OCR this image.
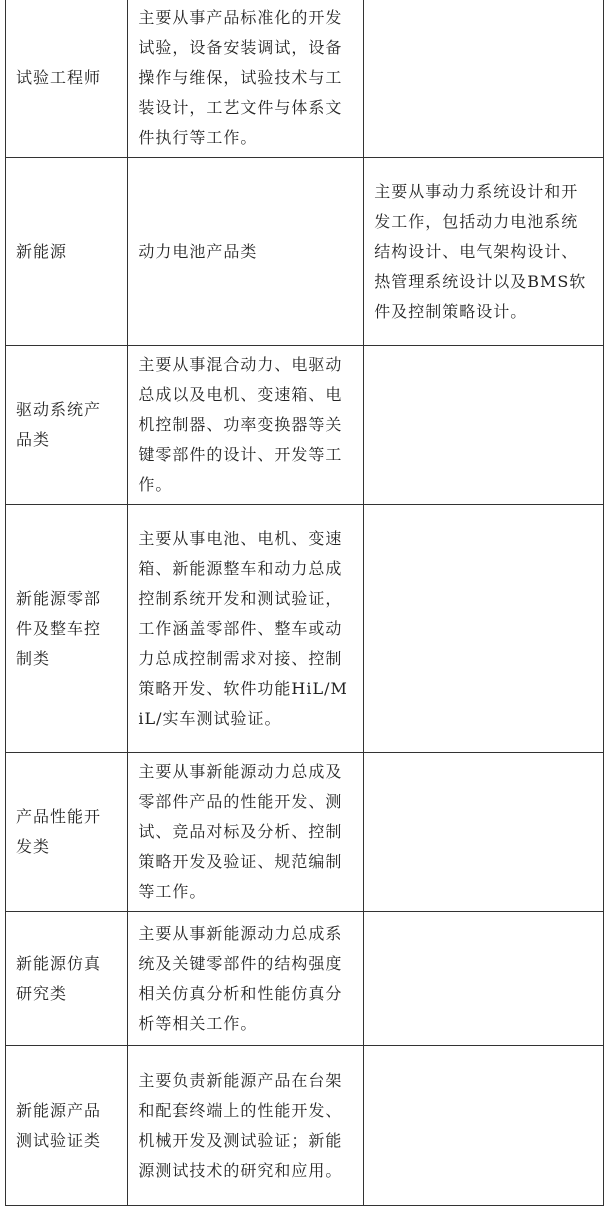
试验工程师	主要从事产品标准化的开发试验，设备安装调试，设备操作与维保，试验技术与工装设计，工艺文件与体系文件执行等工作。	
新能源	动力电池产品类	主要从事动力系统设计和开发工作，包括动力电池系统结构设计、电气架构设计、热管理系统设计以及BMS软件及控制策略设计。
驱动系统产品类	主要从事混合动力、电驱动总成以及电机、变速箱、电机控制器、功率变换器等关键零部件的设计、开发等工作。	
新能源零部件及整车控制类	主要从事电池、电机、变速箱、新能源整车和动力总成控制系统开发和测试验证，工作涵盖零部件、整车或动力总成控制需求对接、控制策略开发、软件功能HiL/MiL/实车测试验证。	
产品性能开发类	主要从事新能源动力总成及零部件产品的性能开发、测试、竞品对标及分析、控制策略开发及验证、规范编制等工作。	
新能源仿真研究类	主要从事新能源动力总成系统及关键零部件的结构强度相关仿真分析和性能仿真分析等相关工作。	
新能源产品测试验证类	主要负责新能源产品在台架和配套终端上的性能开发、机械开发及测试验证；新能源测试技术的研究和应用。	
